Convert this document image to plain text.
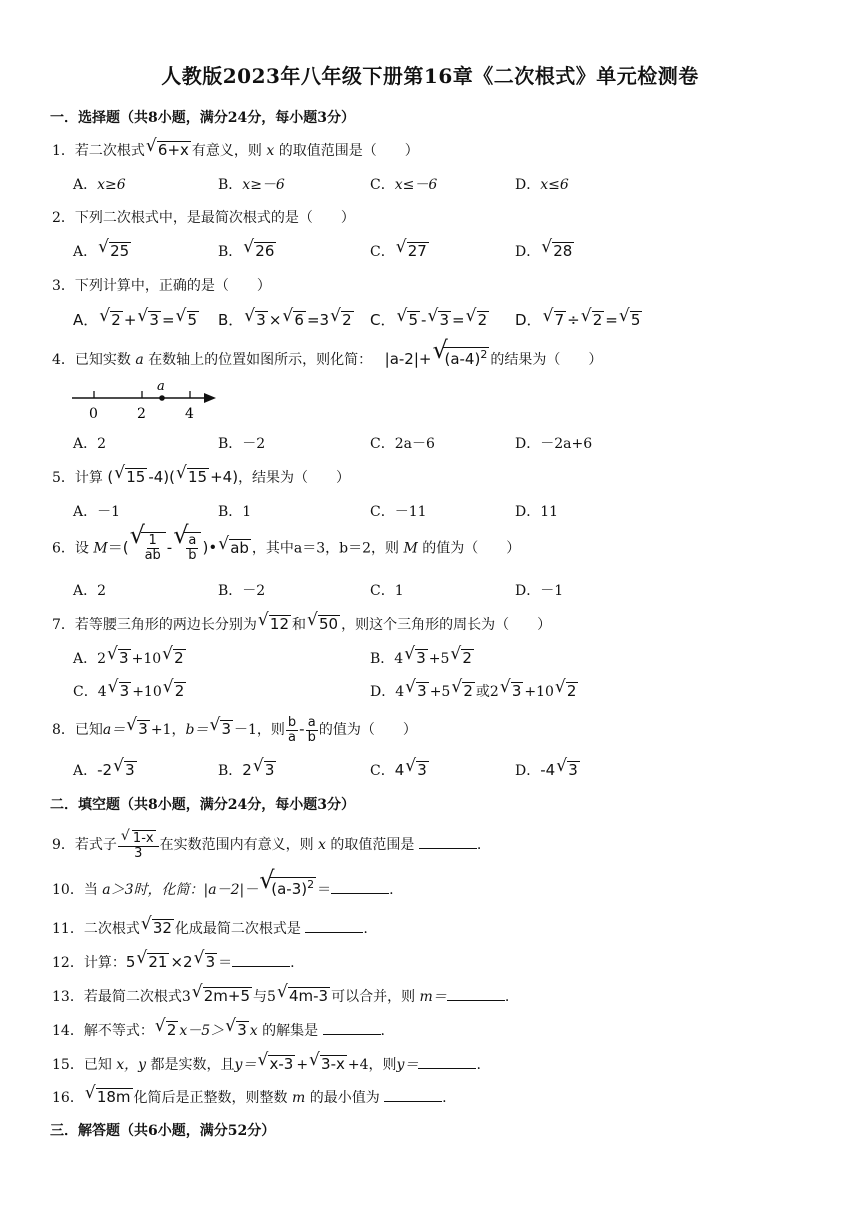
人教版2023年八年级下册第16章《二次根式》单元检测卷
一．选择题（共8小题，满分24分，每小题3分）
1．若二次根式 √ 6+x 有意义，则 x 的取值范围是（　　）
A．x≥6	B．x≥－6	C．x≤－6	D．x≤6
2．下列二次根式中，是最简次根式的是（　　）
A． √ 25	B． √ 26	C． √ 27	D． √ 28
3．下列计算中，正确的是（　　）
A． √ 2 + √ 3 = √ 5 B． √ 3 × √ 6 =3 √ 2 C． √ 5 - √ 3 = √ 2 D． √ 7 ÷ √ 2 = √ 5
4．已知实数 a 在数轴上的位置如图所示，则化简： |a-2|+ √
$(a-4)^2$ 的结果为（　　）
a
0	2	4
A．2	B．－2	C．2a－6	D．－2a+6
5．计算 ( √ 15 -4)( √ 15 +4)，结果为（　　）
A．－1	B．1	C．－11	D．11
6．设 M＝( √
$\frac{1}{ab}$ - √
$\frac{a}{b}$ )• √ ab ，其中a＝3，b＝2，则 M 的值为（　　）
A．2	B．－2	C．1	D．－1
7．若等腰三角形的两边长分别为 √ 12 和 √ 50 ，则这个三角形的周长为（　　）
A．2 √ 3 +10 √ 2	B．4 √ 3 +5 √ 2
C．4 √ 3 +10 √ 2	D．4 √ 3 +5 √ 2 或2 √ 3 +10 √ 2
8．已知a＝ √ 3 +1，b＝ √ 3 －1，则 $\frac{b}{a} - \frac{a}{b}$ 的值为（　　）
A．-2 √ 3	B．2 √ 3	C．4 √ 3	D．-4 √ 3
二．填空题（共8小题，满分24分，每小题3分）
9．若式子 $\frac{√ 1-x}{3}$ 在实数范围内有意义，则 x 的取值范围是	.
10．当 a＞3时，化简：|a－2|－ √
$(a-3)^2$ ＝	.
11．二次根式 √ 32 化成最简二次根式是	.
12．计算：5 √ 21 ×2 √ 3 ＝	.
13．若最简二次根式3 √ 2m+5 与5 √ 4m-3 可以合并，则 m＝	.
14．解不等式： √ 2 x－5＞ √ 3 x 的解集是	.
15．已知 x，y 都是实数，且y＝ √ x-3 + √ 3-x +4，则y＝	.
16． √ 18m 化简后是正整数，则整数 m 的最小值为	.
三．解答题（共6小题，满分52分）
